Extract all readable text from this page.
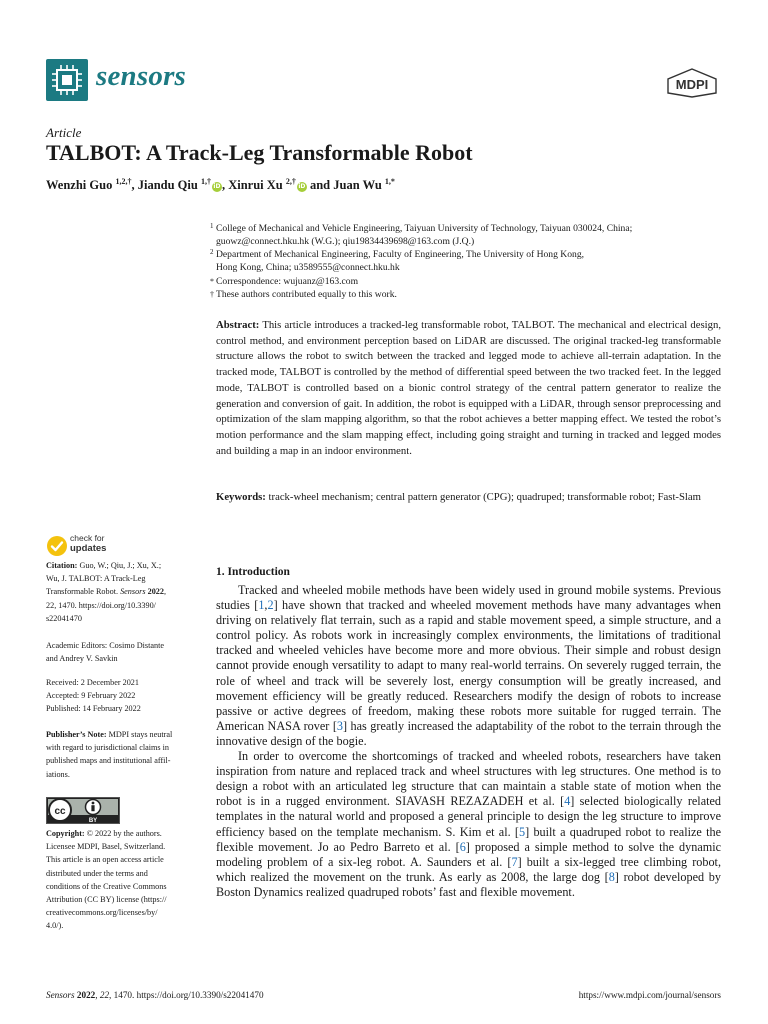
sensors	MDPI
Article
TALBOT: A Track-Leg Transformable Robot
Wenzhi Guo $^{1,2,\dagger}$, Jiandu Qiu $^{1,\dagger}$iD, Xinrui Xu $^{2,\dagger}$iD and Juan Wu $^{1,*}$
1 College of Mechanical and Vehicle Engineering, Taiyuan University of Technology, Taiyuan 030024, China;
guowz@connect.hku.hk (W.G.); qiu19834439698@163.com (J.Q.)
2 Department of Mechanical Engineering, Faculty of Engineering, The University of Hong Kong,
Hong Kong, China; u3589555@connect.hku.hk
* Correspondence: wujuanz@163.com
† These authors contributed equally to this work.
Abstract: This article introduces a tracked-leg transformable robot, TALBOT. The mechanical and electrical design, control method, and environment perception based on LiDAR are discussed. The original tracked-leg transformable structure allows the robot to switch between the tracked and legged mode to achieve all-terrain adaptation. In the tracked mode, TALBOT is controlled by the method of differential speed between the two tracked feet. In the legged mode, TALBOT is controlled based on a bionic control strategy of the central pattern generator to realize the generation and conversion of gait. In addition, the robot is equipped with a LiDAR, through sensor preprocessing and optimization of the slam mapping algorithm, so that the robot achieves a better mapping effect. We tested the robot’s motion performance and the slam mapping effect, including going straight and turning in tracked and legged modes and building a map in an indoor environment.
Keywords: track-wheel mechanism; central pattern generator (CPG); quadruped; transformable robot; Fast-Slam
check for
updates
Citation: Guo, W.; Qiu, J.; Xu, X.;
Wu, J. TALBOT: A Track-Leg
Transformable Robot. Sensors 2022,
22, 1470. https://doi.org/10.3390/
s22041470
Academic Editors: Cosimo Distante
and Andrey V. Savkin
Received: 2 December 2021
Accepted: 9 February 2022
Published: 14 February 2022
Publisher’s Note: MDPI stays neutral
with regard to jurisdictional claims in
published maps and institutional affil-
iations.
cc
BY
Copyright: © 2022 by the authors.
Licensee MDPI, Basel, Switzerland.
This article is an open access article
distributed under the terms and
conditions of the Creative Commons
Attribution (CC BY) license (https://
creativecommons.org/licenses/by/
4.0/).
1. Introduction

Tracked and wheeled mobile methods have been widely used in ground mobile systems. Previous studies [1,2] have shown that tracked and wheeled movement methods have many advantages when driving on relatively flat terrain, such as a rapid and stable movement speed, a simple structure, and a control policy. As robots work in increasingly complex environments, the limitations of traditional tracked and wheeled vehicles have become more and more obvious. Their simple and robust design cannot provide enough versatility to adapt to many real-world terrains. On severely rugged terrain, the role of wheel and track will be severely lost, energy consumption will be greatly increased, and movement efficiency will be greatly reduced. Researchers modify the design of robots to increase passive or active degrees of freedom, making these robots more suitable for rugged terrain. The American NASA rover [3] has greatly increased the adaptability of the robot to the terrain through the innovative design of the bogie.

In order to overcome the shortcomings of tracked and wheeled robots, researchers have taken inspiration from nature and replaced track and wheel structures with leg structures. One method is to design a robot with an articulated leg structure that can maintain a stable state of motion when the robot is in a rugged environment. SIAVASH REZAZADEH et al. [4] selected biologically related templates in the natural world and proposed a general principle to design the leg structure to improve efficiency based on the template mechanism. S. Kim et al. [5] built a quadruped robot to realize the flexible movement. Jo ao Pedro Barreto et al. [6] proposed a simple method to solve the dynamic modeling problem of a six-leg robot. A. Saunders et al. [7] built a six-legged tree climbing robot, which realized the movement on the trunk. As early as 2008, the large dog [8] robot developed by Boston Dynamics realized quadruped robots’ fast and flexible movement.

Sensors 2022, 22, 1470. https://doi.org/10.3390/s22041470	https://www.mdpi.com/journal/sensors
